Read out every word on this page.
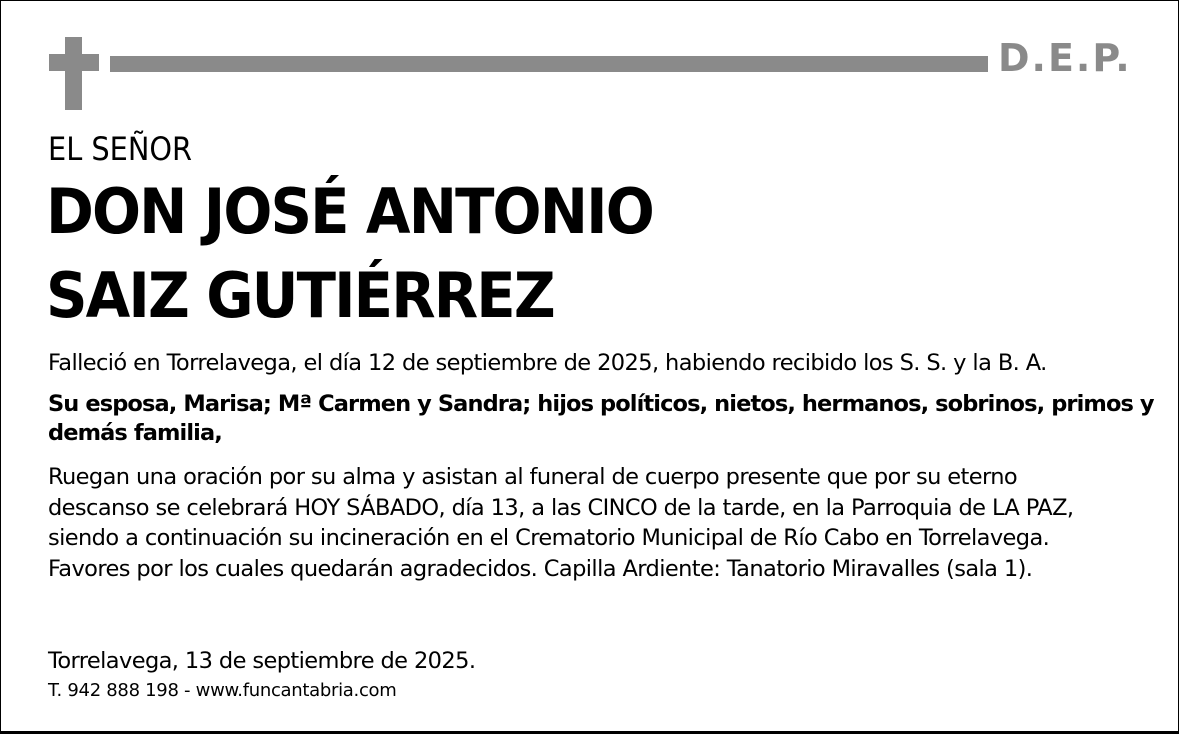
D.E.P.
EL SEÑOR
DON JOSÉ ANTONIO
SAIZ GUTIÉRREZ
Falleció en Torrelavega, el día 12 de septiembre de 2025, habiendo recibido los S. S. y la B. A.
Su esposa, Marisa; Mª Carmen y Sandra; hijos políticos, nietos, hermanos, sobrinos, primos y demás familia,
Ruegan una oración por su alma y asistan al funeral de cuerpo presente que por su eterno descanso se celebrará HOY SÁBADO, día 13, a las CINCO de la tarde, en la Parroquia de LA PAZ, siendo a continuación su incineración en el Crematorio Municipal de Río Cabo en Torrelavega. Favores por los cuales quedarán agradecidos. Capilla Ardiente: Tanatorio Miravalles (sala 1).
Torrelavega, 13 de septiembre de 2025.
T. 942 888 198 - www.funcantabria.com
